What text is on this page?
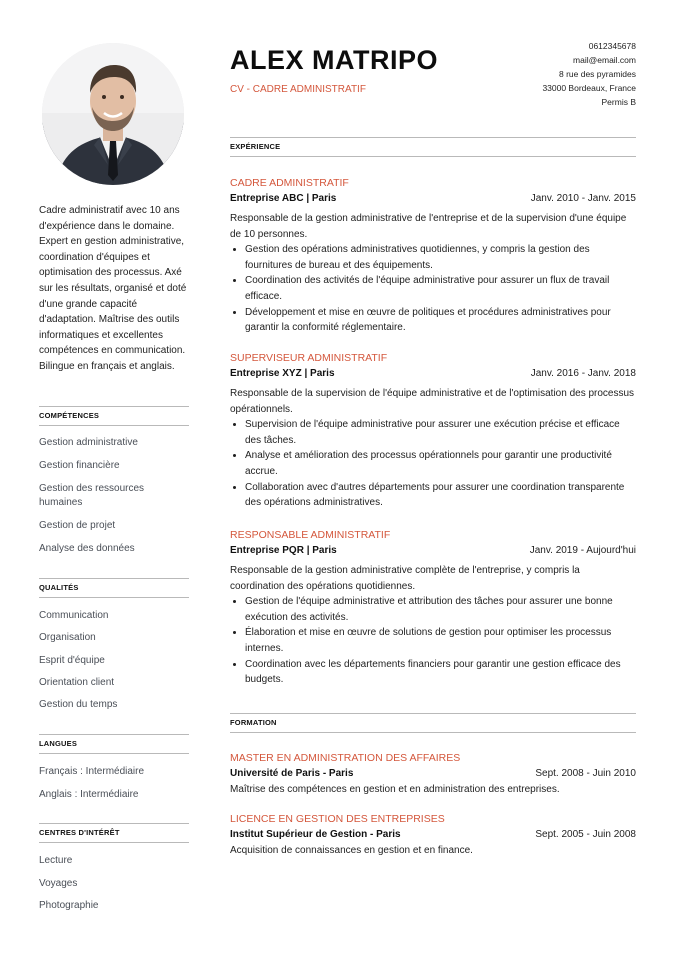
Cadre administratif avec 10 ans d'expérience dans le domaine. Expert en gestion administrative, coordination d'équipes et optimisation des processus. Axé sur les résultats, organisé et doté d'une grande capacité d'adaptation. Maîtrise des outils informatiques et excellentes compétences en communication. Bilingue en français et anglais.
COMPÉTENCES
Gestion administrative
Gestion financière
Gestion des ressources humaines
Gestion de projet
Analyse des données
QUALITÉS
Communication
Organisation
Esprit d'équipe
Orientation client
Gestion du temps
LANGUES
Français : Intermédiaire
Anglais : Intermédiaire
CENTRES D'INTÉRÊT
Lecture
Voyages
Photographie
ALEX MATRIPO
CV - CADRE ADMINISTRATIF
0612345678
mail@email.com
8 rue des pyramides
33000 Bordeaux, France
Permis B
EXPÉRIENCE
CADRE ADMINISTRATIF
Entreprise ABC | Paris	Janv. 2010 - Janv. 2015
Responsable de la gestion administrative de l'entreprise et de la supervision d'une équipe de 10 personnes.
• Gestion des opérations administratives quotidiennes, y compris la gestion des fournitures de bureau et des équipements.
• Coordination des activités de l'équipe administrative pour assurer un flux de travail efficace.
• Développement et mise en œuvre de politiques et procédures administratives pour garantir la conformité réglementaire.
SUPERVISEUR ADMINISTRATIF
Entreprise XYZ | Paris	Janv. 2016 - Janv. 2018
Responsable de la supervision de l'équipe administrative et de l'optimisation des processus opérationnels.
• Supervision de l'équipe administrative pour assurer une exécution précise et efficace des tâches.
• Analyse et amélioration des processus opérationnels pour garantir une productivité accrue.
• Collaboration avec d'autres départements pour assurer une coordination transparente des opérations administratives.
RESPONSABLE ADMINISTRATIF
Entreprise PQR | Paris	Janv. 2019 - Aujourd'hui
Responsable de la gestion administrative complète de l'entreprise, y compris la coordination des opérations quotidiennes.
• Gestion de l'équipe administrative et attribution des tâches pour assurer une bonne exécution des activités.
• Élaboration et mise en œuvre de solutions de gestion pour optimiser les processus internes.
• Coordination avec les départements financiers pour garantir une gestion efficace des budgets.
FORMATION
MASTER EN ADMINISTRATION DES AFFAIRES
Université de Paris - Paris	Sept. 2008 - Juin 2010
Maîtrise des compétences en gestion et en administration des entreprises.
LICENCE EN GESTION DES ENTREPRISES
Institut Supérieur de Gestion - Paris	Sept. 2005 - Juin 2008
Acquisition de connaissances en gestion et en finance.
